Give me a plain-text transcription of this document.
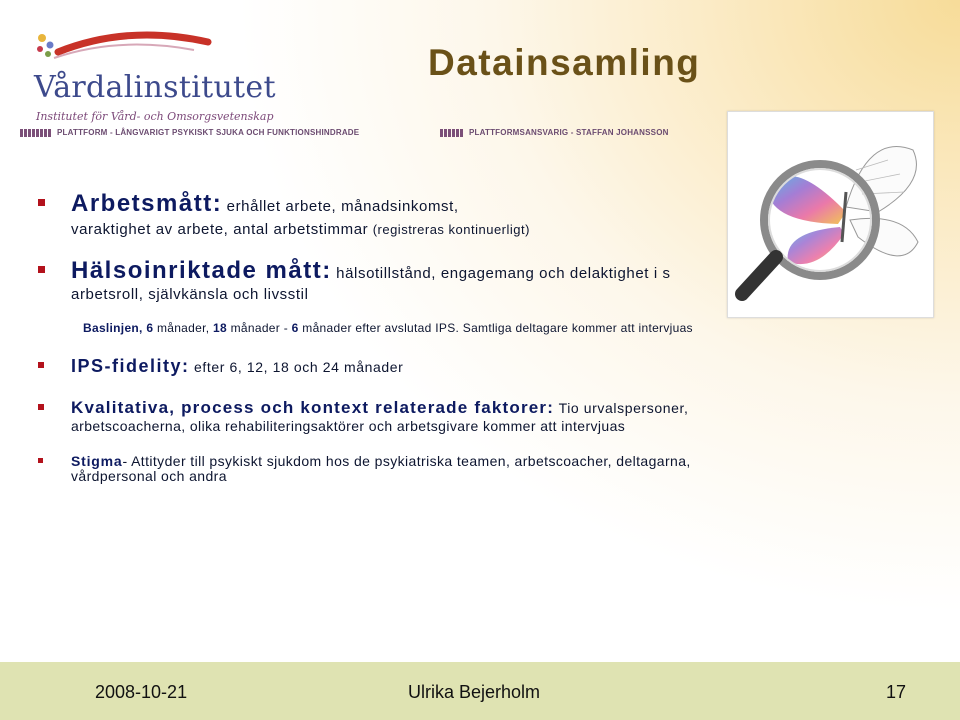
Vårdalinstitutet
Institutet för Vård- och Omsorgsvetenskap
PLATTFORM - LÅNGVARIGT PSYKISKT SJUKA OCH FUNKTIONSHINDRADE	PLATTFORMSANSVARIG - STAFFAN JOHANSSON
Datainsamling
Arbetsmått: erhållet arbete, månadsinkomst,
varaktighet av arbete, antal arbetstimmar (registreras kontinuerligt)
Hälsoinriktade mått: hälsotillstånd, engagemang och delaktighet i s
arbetsroll, självkänsla och livsstil
Baslinjen, 6 månader, 18 månader - 6 månader efter avslutad IPS. Samtliga deltagare kommer att intervjuas
IPS-fidelity: efter 6, 12, 18 och 24 månader
Kvalitativa, process och kontext relaterade faktorer: Tio urvalspersoner,
arbetscoacherna, olika rehabiliteringsaktörer och arbetsgivare kommer att intervjuas
Stigma- Attityder till psykiskt sjukdom hos de psykiatriska teamen, arbetscoacher, deltagarna,
vårdpersonal och andra
2008-10-21	Ulrika Bejerholm	17
